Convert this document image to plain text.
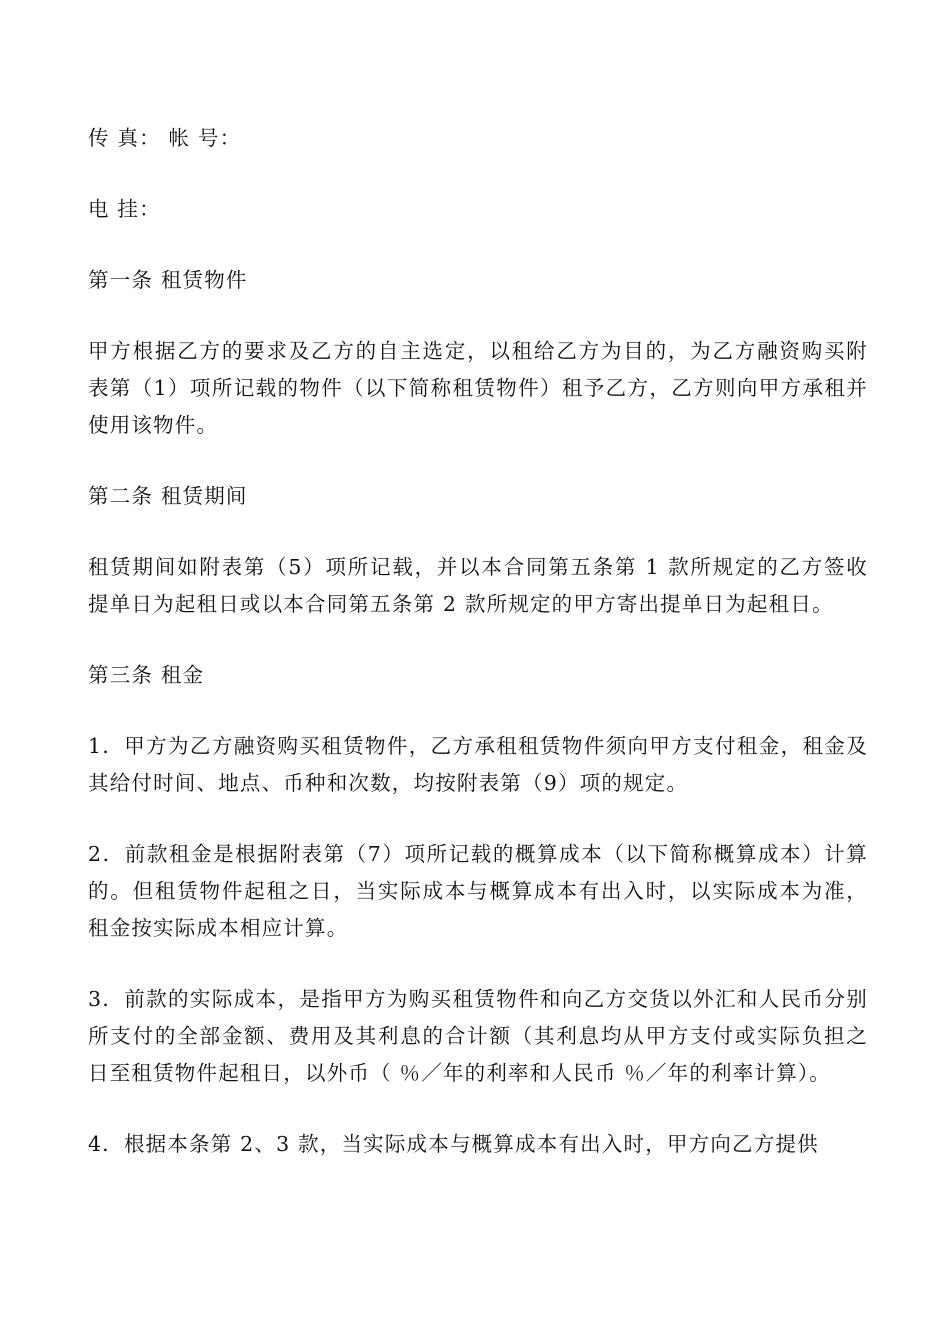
传 真： 帐 号：

电 挂：

第一条 租赁物件

甲方根据乙方的要求及乙方的自主选定，以租给乙方为目的，为乙方融资购买附表第（1）项所记载的物件（以下简称租赁物件）租予乙方，乙方则向甲方承租并使用该物件。

第二条 租赁期间

租赁期间如附表第（5）项所记载，并以本合同第五条第 1 款所规定的乙方签收提单日为起租日或以本合同第五条第 2 款所规定的甲方寄出提单日为起租日。

第三条 租金

1．甲方为乙方融资购买租赁物件，乙方承租租赁物件须向甲方支付租金，租金及其给付时间、地点、币种和次数，均按附表第（9）项的规定。

2．前款租金是根据附表第（7）项所记载的概算成本（以下简称概算成本）计算的。但租赁物件起租之日，当实际成本与概算成本有出入时，以实际成本为准，租金按实际成本相应计算。

3．前款的实际成本，是指甲方为购买租赁物件和向乙方交货以外汇和人民币分别所支付的全部金额、费用及其利息的合计额（其利息均从甲方支付或实际负担之日至租赁物件起租日，以外币（ ％／年的利率和人民币 ％／年的利率计算）。

4．根据本条第 2、3 款，当实际成本与概算成本有出入时，甲方向乙方提供
